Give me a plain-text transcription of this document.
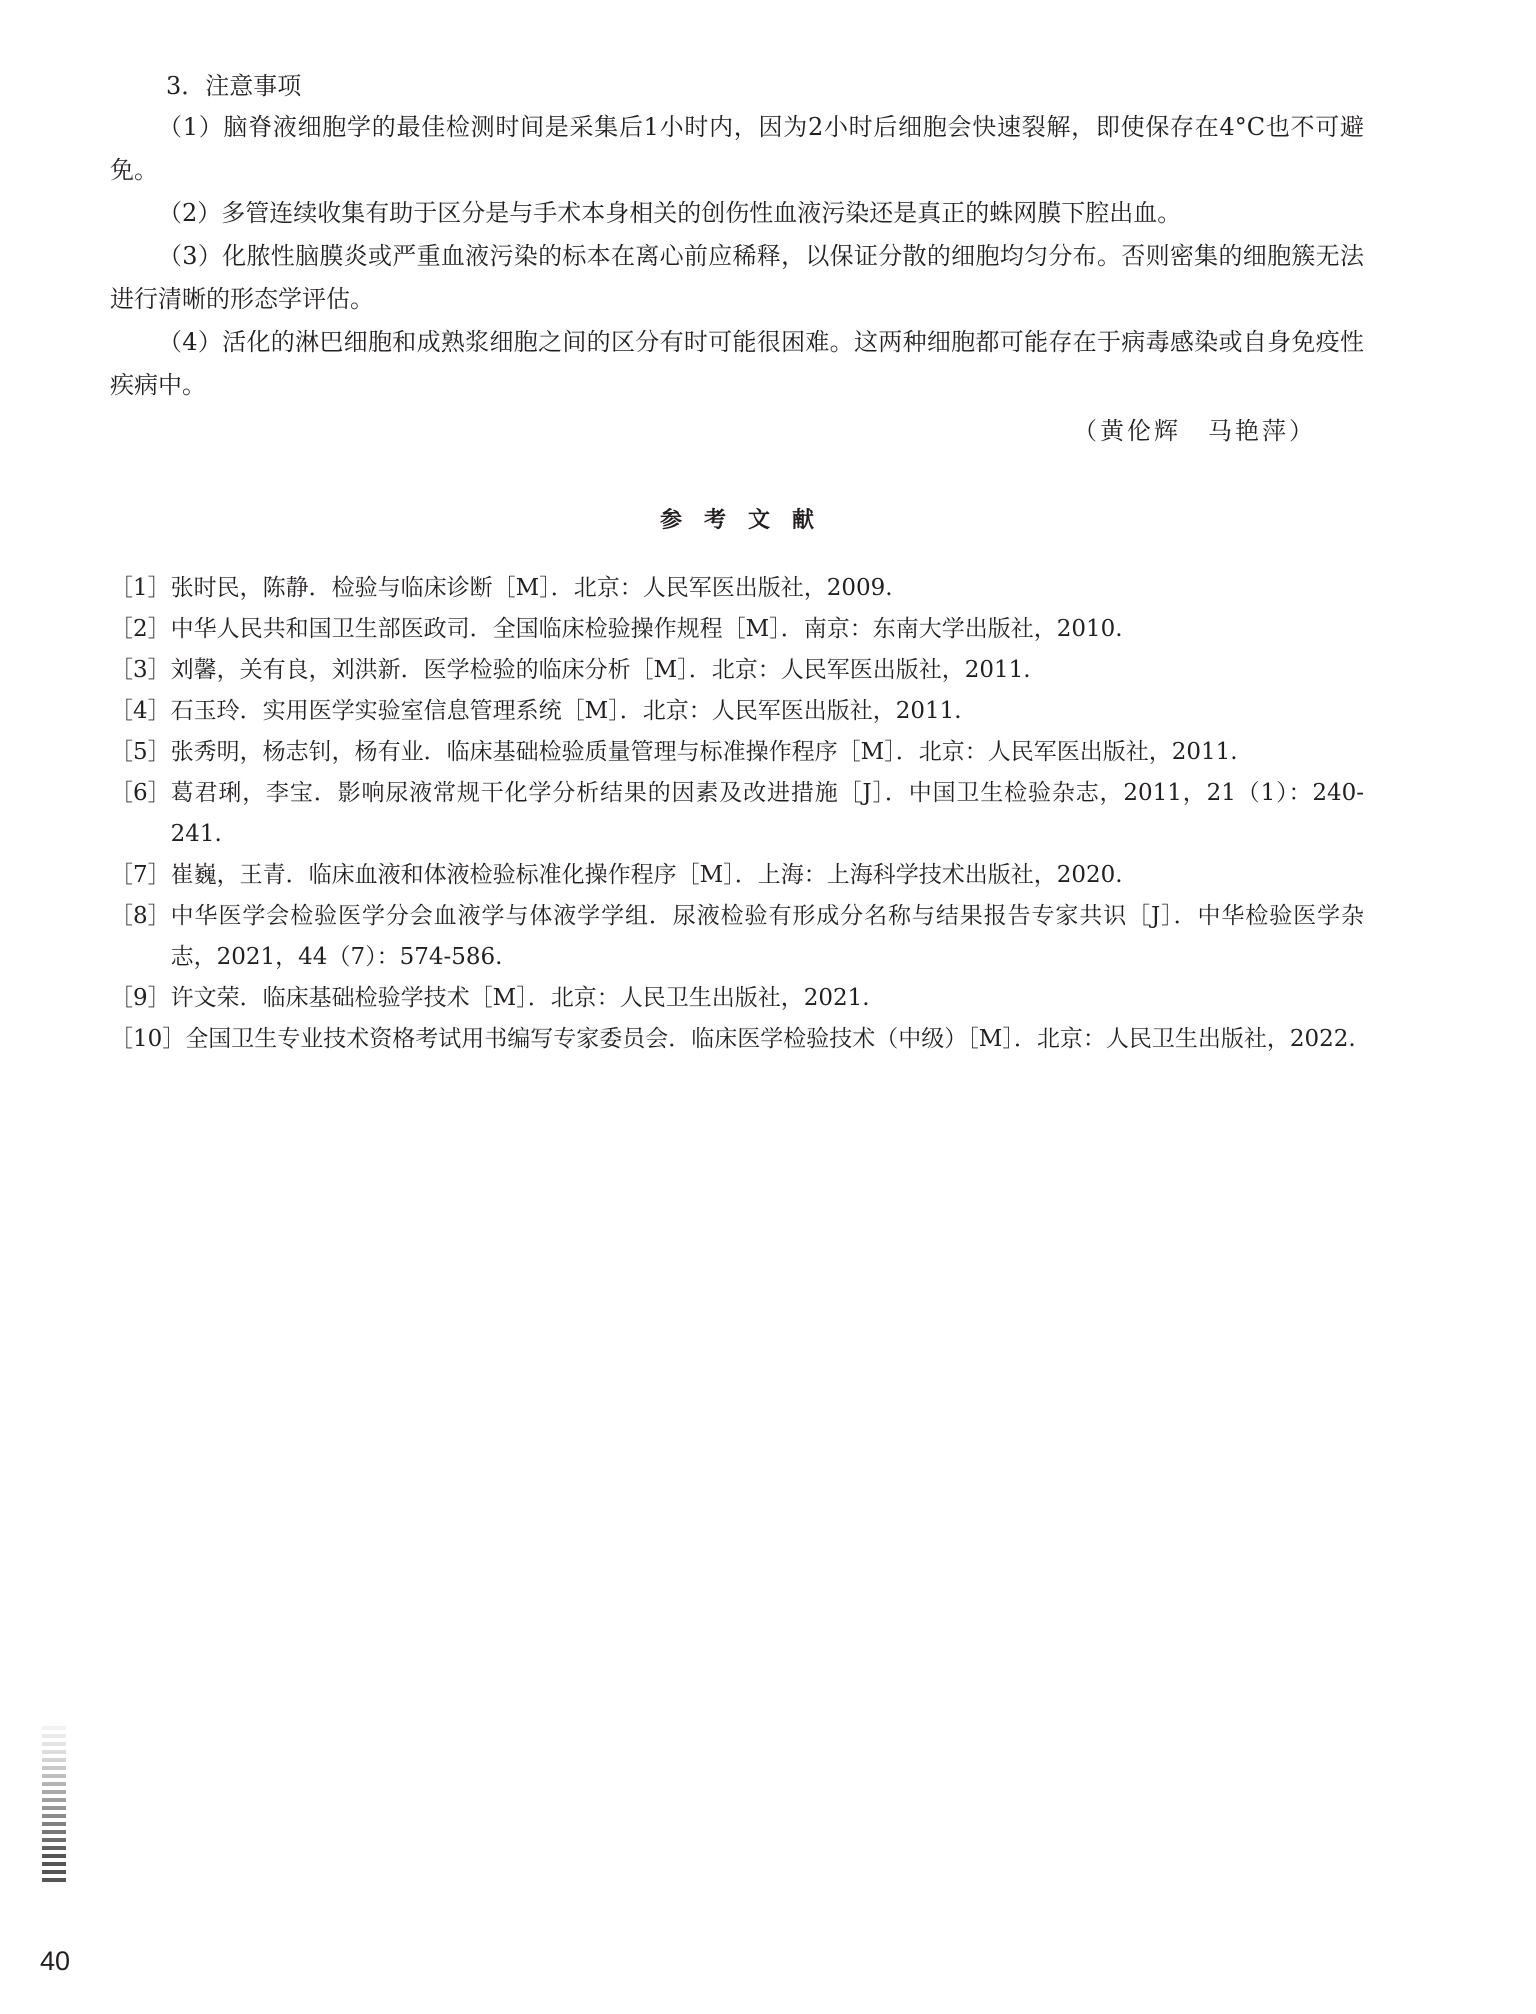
3．注意事项

（1）脑脊液细胞学的最佳检测时间是采集后1小时内，因为2小时后细胞会快速裂解，即使保存在4°C也不可避免。

（2）多管连续收集有助于区分是与手术本身相关的创伤性血液污染还是真正的蛛网膜下腔出血。

（3）化脓性脑膜炎或严重血液污染的标本在离心前应稀释，以保证分散的细胞均匀分布。否则密集的细胞簇无法进行清晰的形态学评估。

（4）活化的淋巴细胞和成熟浆细胞之间的区分有时可能很困难。这两种细胞都可能存在于病毒感染或自身免疫性疾病中。

（黄伦辉　马艳萍）
参考文献
［1］ 张时民，陈静．检验与临床诊断［M］．北京：人民军医出版社，2009.
［2］ 中华人民共和国卫生部医政司．全国临床检验操作规程［M］．南京：东南大学出版社，2010.
［3］ 刘馨，关有良，刘洪新．医学检验的临床分析［M］．北京：人民军医出版社，2011.
［4］ 石玉玲．实用医学实验室信息管理系统［M］．北京：人民军医出版社，2011.
［5］ 张秀明，杨志钊，杨有业．临床基础检验质量管理与标准操作程序［M］．北京：人民军医出版社，2011.
［6］ 葛君琍，李宝．影响尿液常规干化学分析结果的因素及改进措施［J］．中国卫生检验杂志，2011，21（1）：240-241.
［7］ 崔巍，王青．临床血液和体液检验标准化操作程序［M］．上海：上海科学技术出版社，2020.
［8］ 中华医学会检验医学分会血液学与体液学学组．尿液检验有形成分名称与结果报告专家共识［J］．中华检验医学杂志，2021，44（7）：574-586.
［9］ 许文荣．临床基础检验学技术［M］．北京：人民卫生出版社，2021.
［10］ 全国卫生专业技术资格考试用书编写专家委员会．临床医学检验技术（中级）［M］．北京：人民卫生出版社，2022.
40
